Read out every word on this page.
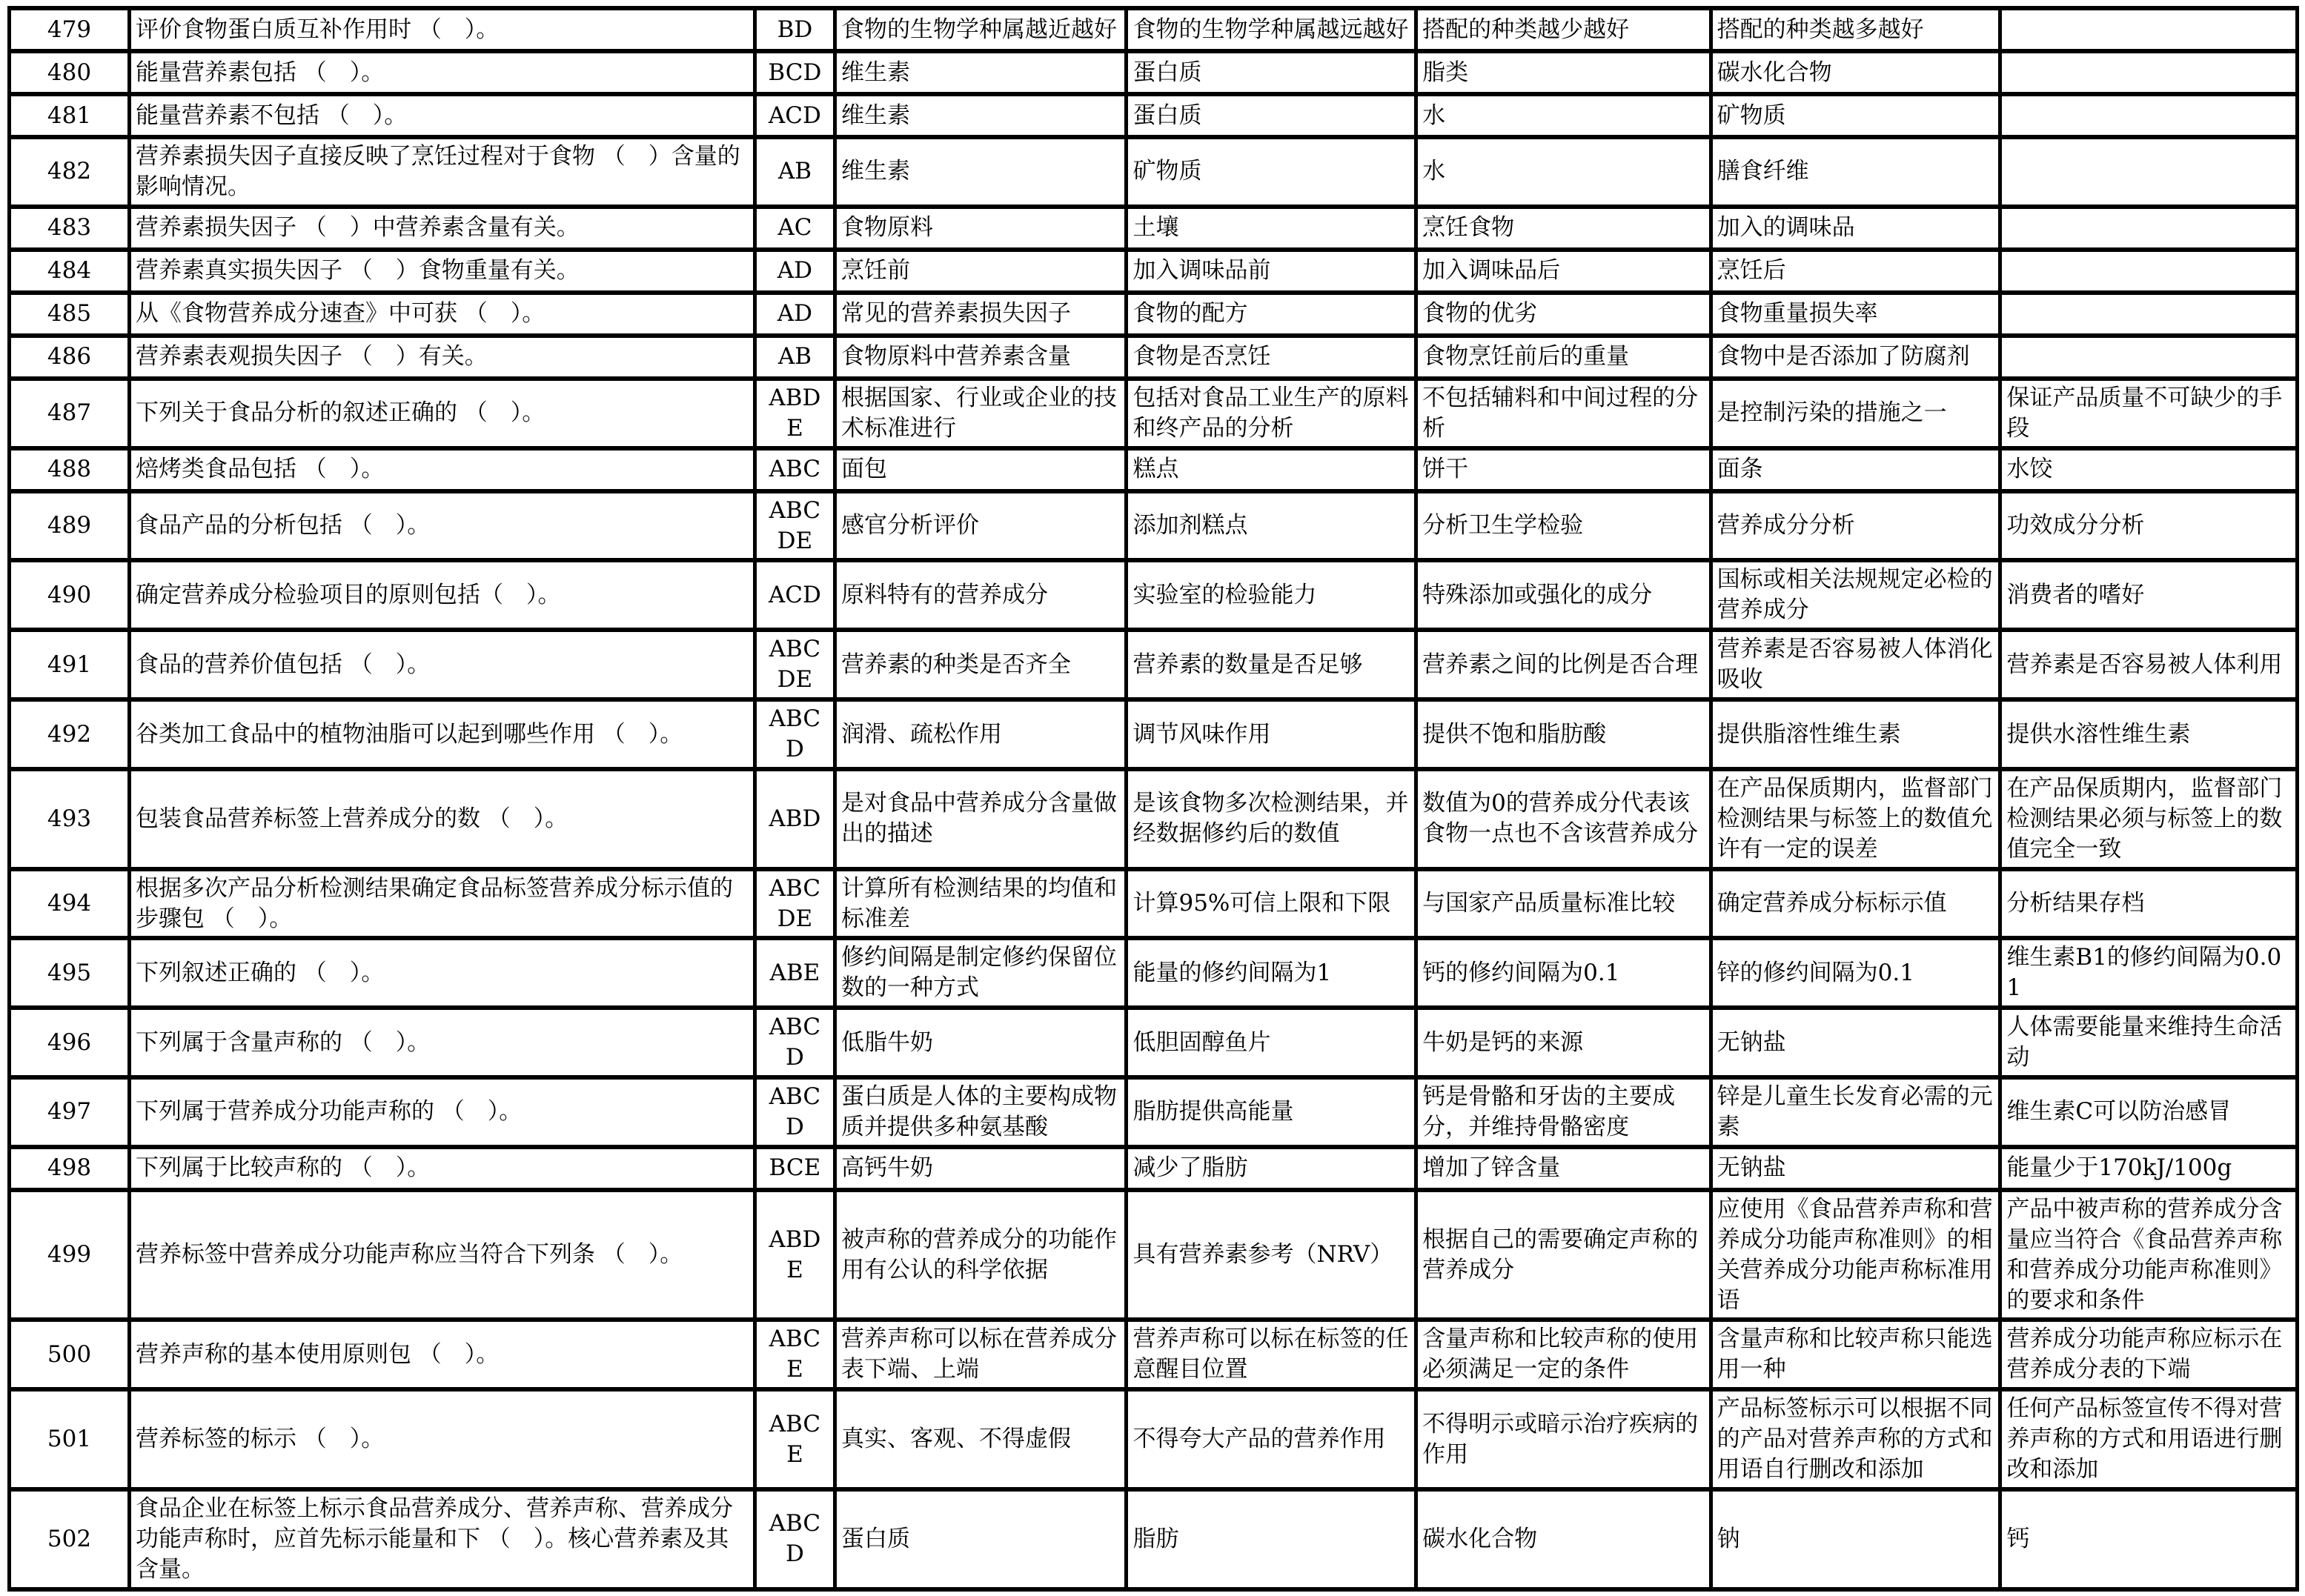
479	评价食物蛋白质互补作用时 （　）。	BD	食物的生物学种属越近越好	食物的生物学种属越远越好	搭配的种类越少越好	搭配的种类越多越好	
480	能量营养素包括 （　）。	BCD	维生素	蛋白质	脂类	碳水化合物	
481	能量营养素不包括 （　）。	ACD	维生素	蛋白质	水	矿物质	
482	营养素损失因子直接反映了烹饪过程对于食物 （　）含量的影响情况。	AB	维生素	矿物质	水	膳食纤维	
483	营养素损失因子 （　）中营养素含量有关。	AC	食物原料	土壤	烹饪食物	加入的调味品	
484	营养素真实损失因子 （　）食物重量有关。	AD	烹饪前	加入调味品前	加入调味品后	烹饪后	
485	从《食物营养成分速查》中可获 （　）。	AD	常见的营养素损失因子	食物的配方	食物的优劣	食物重量损失率	
486	营养素表观损失因子 （　）有关。	AB	食物原料中营养素含量	食物是否烹饪	食物烹饪前后的重量	食物中是否添加了防腐剂	
487	下列关于食品分析的叙述正确的 （　）。	ABDE	根据国家、行业或企业的技术标准进行	包括对食品工业生产的原料和终产品的分析	不包括辅料和中间过程的分析	是控制污染的措施之一	保证产品质量不可缺少的手段
488	焙烤类食品包括 （　）。	ABC	面包	糕点	饼干	面条	水饺
489	食品产品的分析包括 （　）。	ABCDE	感官分析评价	添加剂糕点	分析卫生学检验	营养成分分析	功效成分分析
490	确定营养成分检验项目的原则包括（　）。	ACD	原料特有的营养成分	实验室的检验能力	特殊添加或强化的成分	国标或相关法规规定必检的营养成分	消费者的嗜好
491	食品的营养价值包括 （　）。	ABCDE	营养素的种类是否齐全	营养素的数量是否足够	营养素之间的比例是否合理	营养素是否容易被人体消化吸收	营养素是否容易被人体利用
492	谷类加工食品中的植物油脂可以起到哪些作用 （　）。	ABCD	润滑、疏松作用	调节风味作用	提供不饱和脂肪酸	提供脂溶性维生素	提供水溶性维生素
493	包装食品营养标签上营养成分的数 （　）。	ABD	是对食品中营养成分含量做出的描述	是该食物多次检测结果，并经数据修约后的数值	数值为0的营养成分代表该食物一点也不含该营养成分	在产品保质期内，监督部门检测结果与标签上的数值允许有一定的误差	在产品保质期内，监督部门检测结果必须与标签上的数值完全一致
494	根据多次产品分析检测结果确定食品标签营养成分标示值的步骤包 （　）。	ABCDE	计算所有检测结果的均值和标准差	计算95%可信上限和下限	与国家产品质量标准比较	确定营养成分标标示值	分析结果存档
495	下列叙述正确的 （　）。	ABE	修约间隔是制定修约保留位数的一种方式	能量的修约间隔为1	钙的修约间隔为0.1	锌的修约间隔为0.1	维生素B1的修约间隔为0.01
496	下列属于含量声称的 （　）。	ABCD	低脂牛奶	低胆固醇鱼片	牛奶是钙的来源	无钠盐	人体需要能量来维持生命活动
497	下列属于营养成分功能声称的 （　）。	ABCD	蛋白质是人体的主要构成物质并提供多种氨基酸	脂肪提供高能量	钙是骨骼和牙齿的主要成分，并维持骨骼密度	锌是儿童生长发育必需的元素	维生素C可以防治感冒
498	下列属于比较声称的 （　）。	BCE	高钙牛奶	减少了脂肪	增加了锌含量	无钠盐	能量少于170kJ/100g
499	营养标签中营养成分功能声称应当符合下列条 （　）。	ABDE	被声称的营养成分的功能作用有公认的科学依据	具有营养素参考（NRV）	根据自己的需要确定声称的营养成分	应使用《食品营养声称和营养成分功能声称准则》的相关营养成分功能声称标准用语	产品中被声称的营养成分含量应当符合《食品营养声称和营养成分功能声称准则》的要求和条件
500	营养声称的基本使用原则包 （　）。	ABCE	营养声称可以标在营养成分表下端、上端	营养声称可以标在标签的任意醒目位置	含量声称和比较声称的使用必须满足一定的条件	含量声称和比较声称只能选用一种	营养成分功能声称应标示在营养成分表的下端
501	营养标签的标示 （　）。	ABCE	真实、客观、不得虚假	不得夸大产品的营养作用	不得明示或暗示治疗疾病的作用	产品标签标示可以根据不同的产品对营养声称的方式和用语自行删改和添加	任何产品标签宣传不得对营养声称的方式和用语进行删改和添加
502	食品企业在标签上标示食品营养成分、营养声称、营养成分功能声称时，应首先标示能量和下 （　）。核心营养素及其含量。	ABCD	蛋白质	脂肪	碳水化合物	钠	钙
